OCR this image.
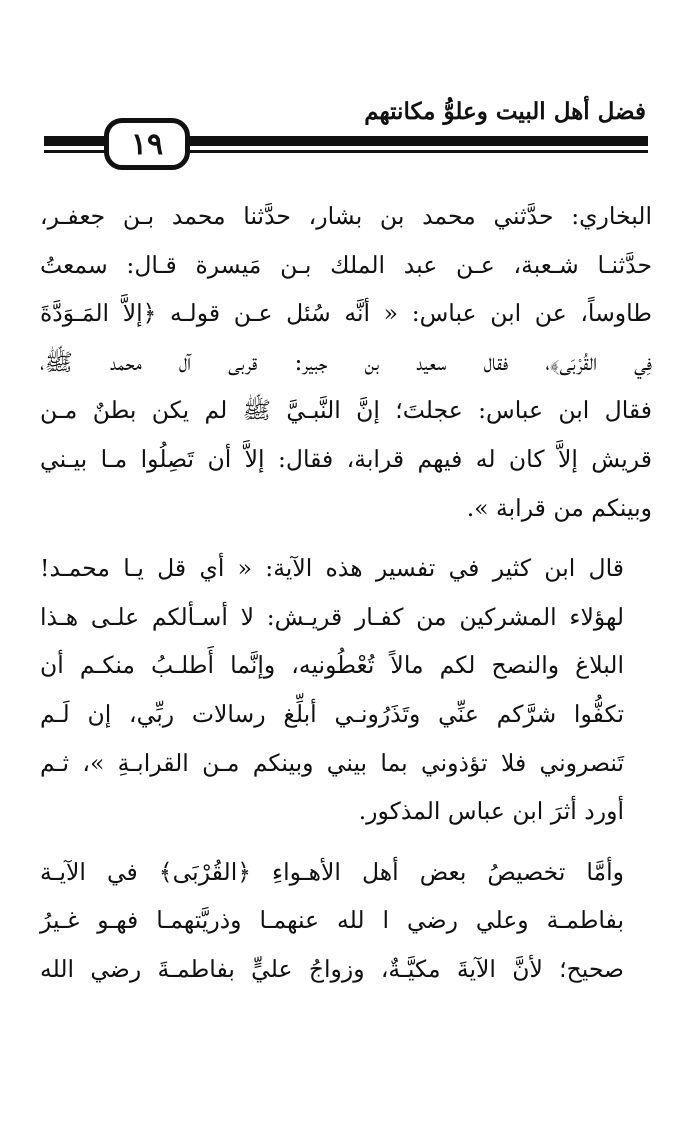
فضل أهل البيت وعلوُّ مكانتهم
١٩
البخاري: حدَّثني محمد بن بشار، حدَّثنا محمد بـن جعفـر،
حدَّثنـا شـعبة، عـن عبد الملك بـن مَيسرة قـال: سمعتُ
طاوساً، عن ابن عباس: « أنَّه سُئل عـن قولـه ﴿إلاَّ المَـوَدَّةَ
فِي القُرْبَى﴾، فقال سعيد بن جبير: قربى آل محمد ﷺ،
فقال ابن عباس: عجلتَ؛ إنَّ النَّبـيَّ ﷺ لم يكن بطنٌ مـن
قريش إلاَّ كان له فيهم قرابة، فقال: إلاَّ أن تَصِلُوا مـا بيـني
وبينكم من قرابة ».
قال ابن كثير في تفسير هذه الآية: « أي قل يـا محمـد!
لهؤلاء المشركين من كفـار قريـش: لا أسـألكم علـى هـذا
البلاغ والنصح لكم مالاً تُعْطُونيه، وإنَّما أَطلـبُ منكـم أن
تكفُّوا شرَّكم عنِّي وتَذَرُونـي أبلِّغ رسالات ربِّي، إن لَـم
تَنصروني فلا تؤذوني بما بيني وبينكم مـن القرابـةِ »، ثـم
أورد أثرَ ابن عباس المذكور.
وأمَّا تخصيصُ بعض أهل الأهـواءِ ﴿القُرْبَى﴾ في الآيـة
بفاطمـة وعلي رضي ا لله عنهمـا وذريَّتهمـا فهـو غـيرُ
صحيح؛ لأنَّ الآيةَ مكيَّـةٌ، وزواجُ عليٍّ بفاطمـةَ رضي الله
